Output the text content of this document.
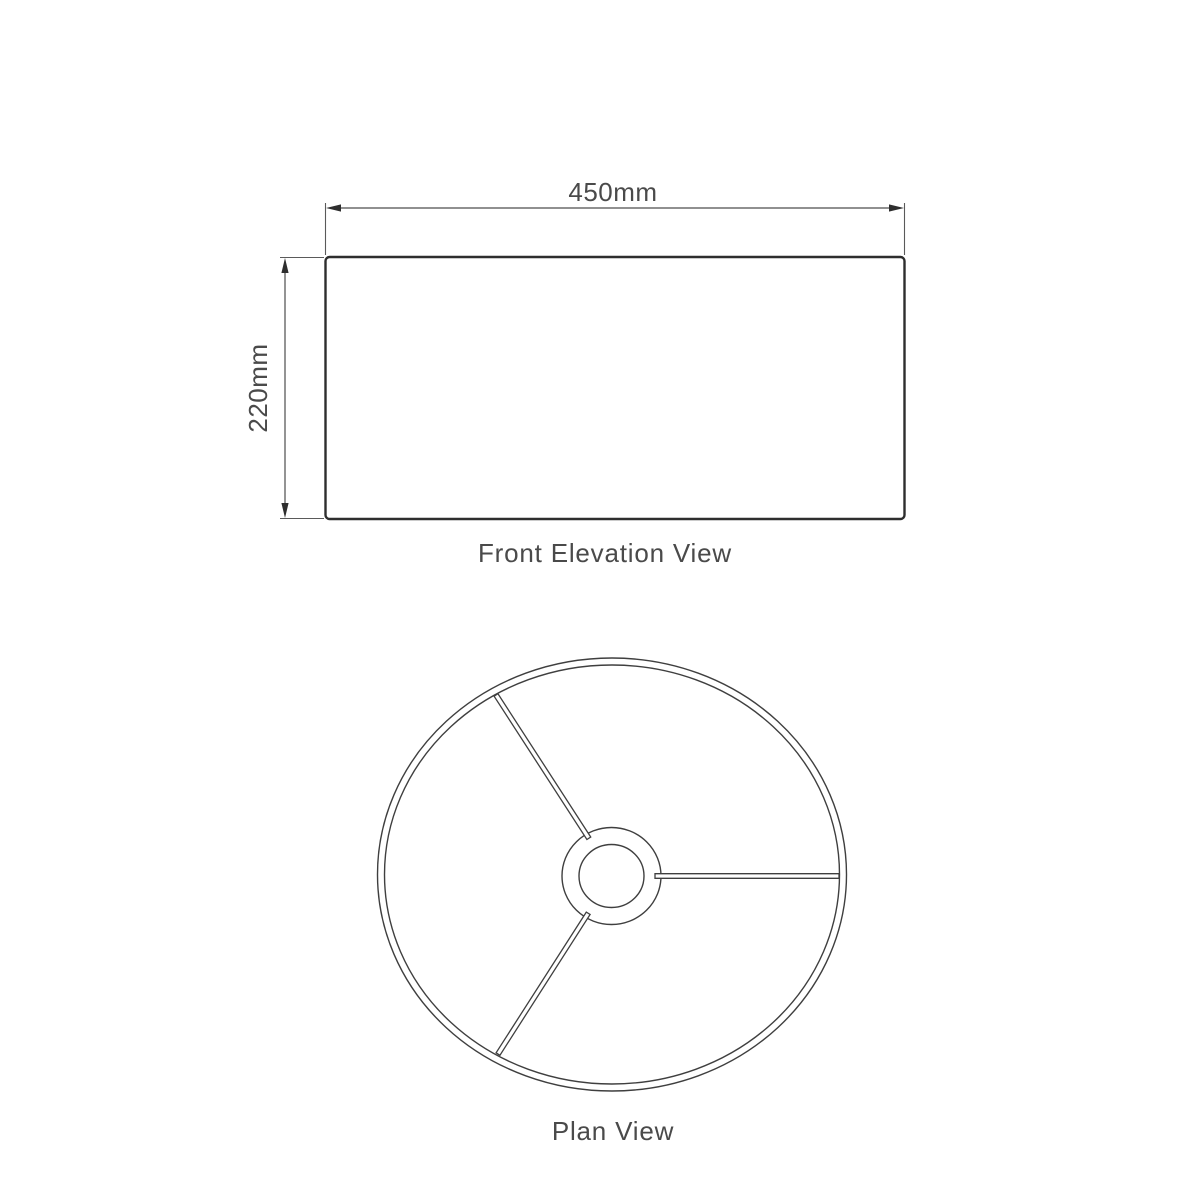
450mm
220mm
Front Elevation View
Plan View
